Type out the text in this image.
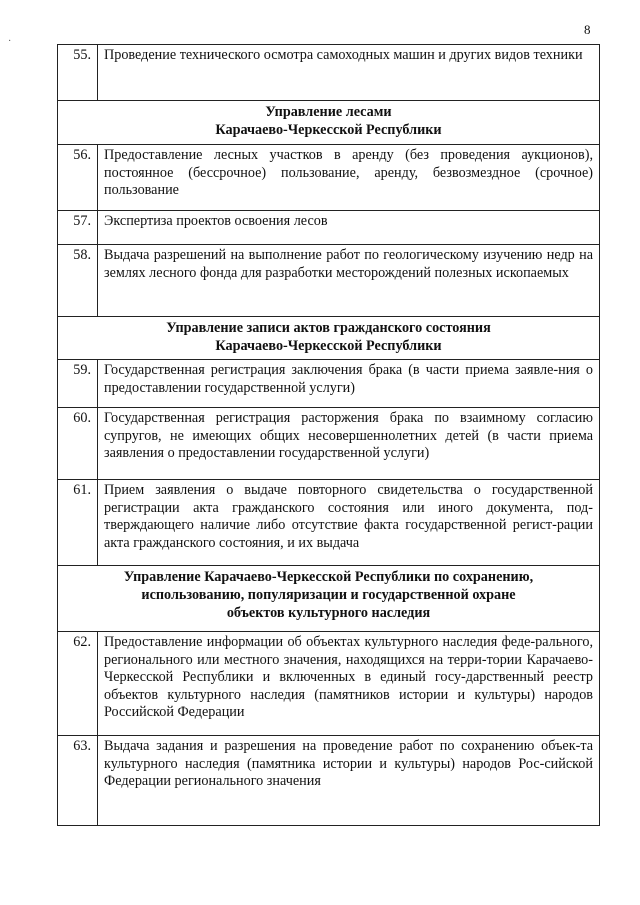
8
·
55.	Проведение технического осмотра самоходных машин и других видов техники

Управление лесами
Карачаево-Черкесской Республики	

56.	Предоставление лесных участков в аренду (без проведения аукционов), постоянное (бессрочное) пользование, аренду, безвозмездное (срочное) пользование
57.	Экспертиза проектов освоения лесов
58.	Выдача разрешений на выполнение работ по геологическому изучению недр на землях лесного фонда для разработки месторождений полезных ископаемых

Управление записи актов гражданского состояния
Карачаево-Черкесской Республики	

59.	Государственная регистрация заключения брака (в части приема заявле-ния о предоставлении государственной услуги)
60.	Государственная регистрация расторжения брака по взаимному согласию супругов, не имеющих общих несовершеннолетних детей (в части приема заявления о предоставлении государственной услуги)
61.	Прием заявления о выдаче повторного свидетельства о государственной регистрации акта гражданского состояния или иного документа, под-тверждающего наличие либо отсутствие факта государственной регист-рации акта гражданского состояния, и их выдача

Управление Карачаево-Черкесской Республики по сохранению,
использованию, популяризации и государственной охране
объектов культурного наследия	

62.	Предоставление информации об объектах культурного наследия феде-рального, регионального или местного значения, находящихся на терри-тории Карачаево-Черкесской Республики и включенных в единый госу-дарственный реестр объектов культурного наследия (памятников истории и культуры) народов Российской Федерации
63.	Выдача задания и разрешения на проведение работ по сохранению объек-та культурного наследия (памятника истории и культуры) народов Рос-сийской Федерации регионального значения
